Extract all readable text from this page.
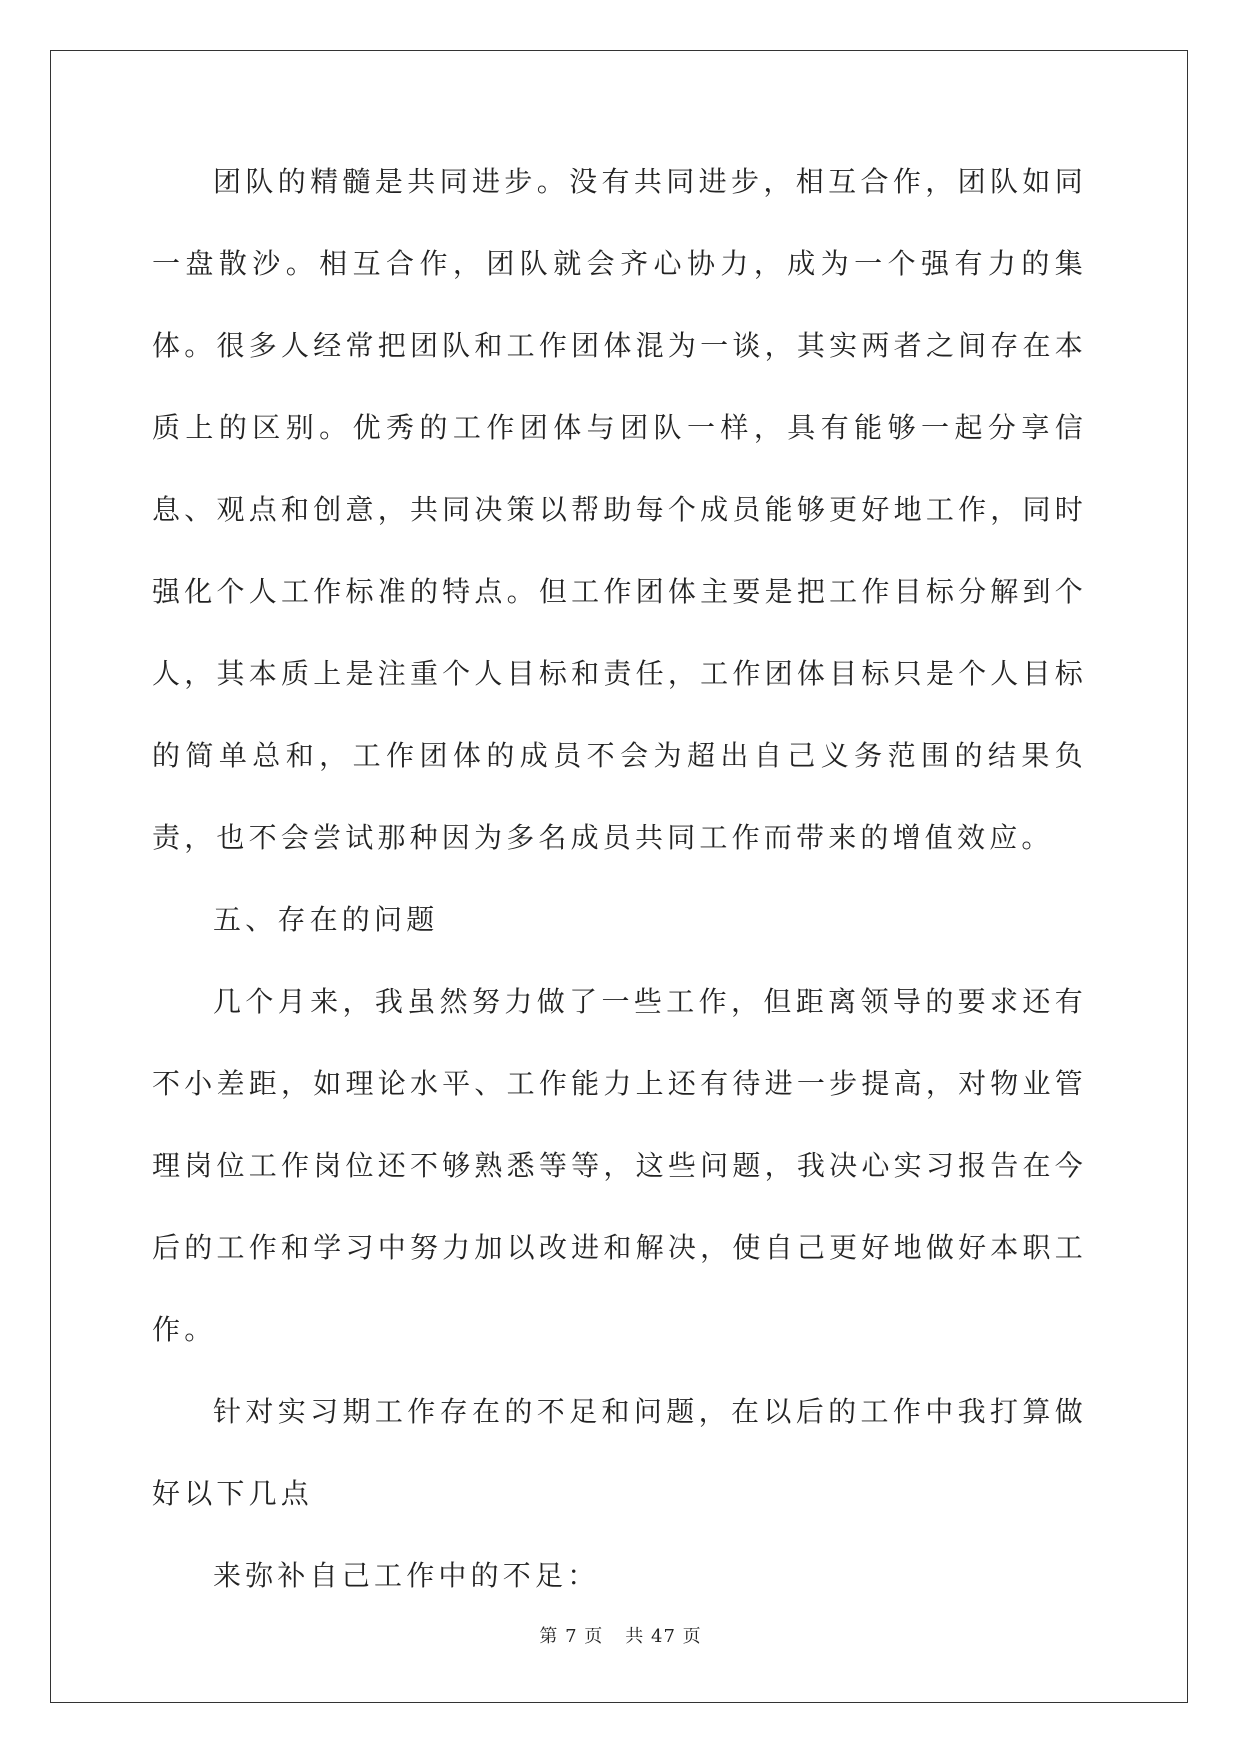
团队的精髓是共同进步。没有共同进步，相互合作，团队如同一盘散沙。相互合作，团队就会齐心协力，成为一个强有力的集体。很多人经常把团队和工作团体混为一谈，其实两者之间存在本质上的区别。优秀的工作团体与团队一样，具有能够一起分享信息、观点和创意，共同决策以帮助每个成员能够更好地工作，同时强化个人工作标准的特点。但工作团体主要是把工作目标分解到个人，其本质上是注重个人目标和责任，工作团体目标只是个人目标的简单总和，工作团体的成员不会为超出自己义务范围的结果负责，也不会尝试那种因为多名成员共同工作而带来的增值效应。

五、存在的问题

几个月来，我虽然努力做了一些工作，但距离领导的要求还有不小差距，如理论水平、工作能力上还有待进一步提高，对物业管理岗位工作岗位还不够熟悉等等，这些问题，我决心实习报告在今后的工作和学习中努力加以改进和解决，使自己更好地做好本职工作。

针对实习期工作存在的不足和问题，在以后的工作中我打算做好以下几点

来弥补自己工作中的不足：

第 7 页 共 47 页
